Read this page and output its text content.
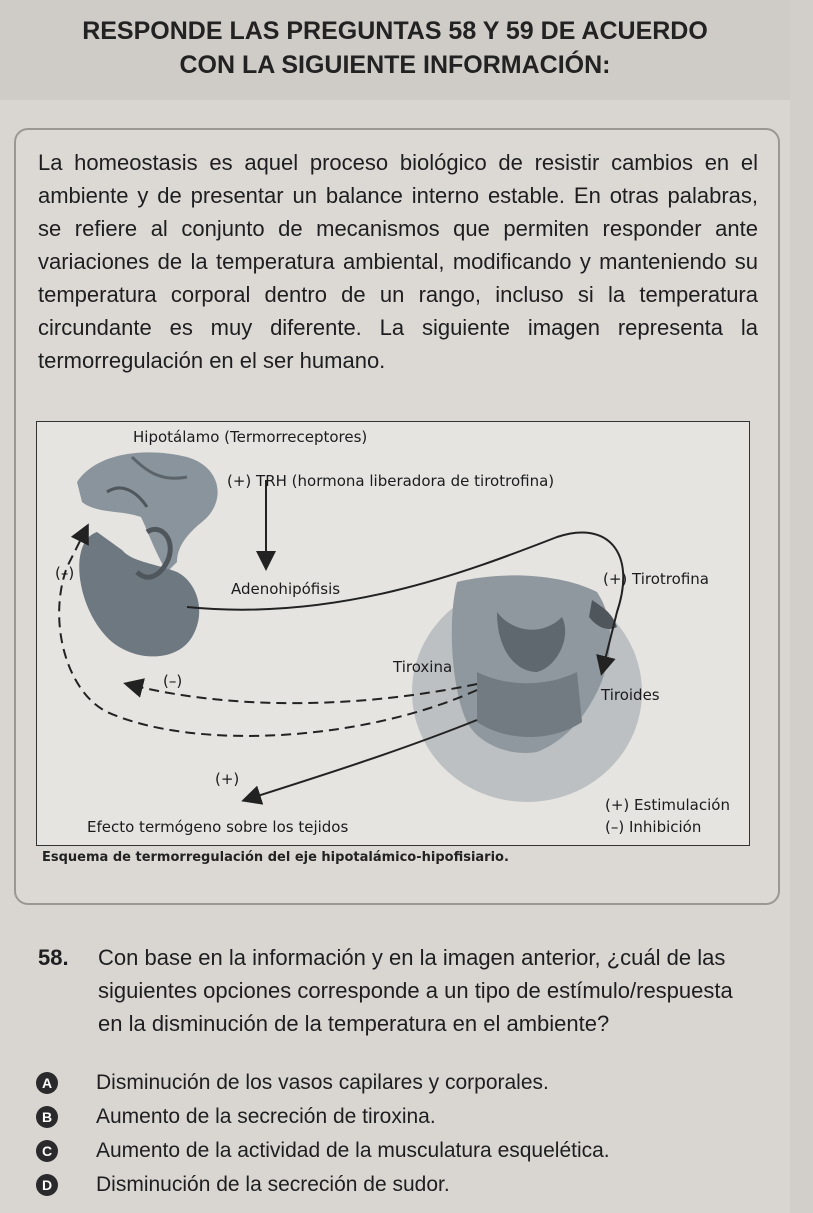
RESPONDE LAS PREGUNTAS 58 Y 59 DE ACUERDO
CON LA SIGUIENTE INFORMACIÓN:
La homeostasis es aquel proceso biológico de resistir cambios en el ambiente y de presentar un balance interno estable. En otras palabras, se refiere al conjunto de mecanismos que permiten responder ante variaciones de la temperatura ambiental, modificando y manteniendo su temperatura corporal dentro de un rango, incluso si la temperatura circundante es muy diferente. La siguiente imagen representa la termorregulación en el ser humano.
Hipotálamo (Termorreceptores)
(+) TRH (hormona liberadora de tirotrofina)
Adenohipófisis
(+) Tirotrofina
Tiroxina
Tiroides
(–)
(–)
(+)
Efecto termógeno sobre los tejidos
(+) Estimulación
(–) Inhibición
Esquema de termorregulación del eje hipotalámico-hipofisiario.
58.	Con base en la información y en la imagen anterior, ¿cuál de las siguientes opciones corresponde a un tipo de estímulo/respuesta en la disminución de la temperatura en el ambiente?
A Disminución de los vasos capilares y corporales.
B Aumento de la secreción de tiroxina.
C Aumento de la actividad de la musculatura esquelética.
D Disminución de la secreción de sudor.
